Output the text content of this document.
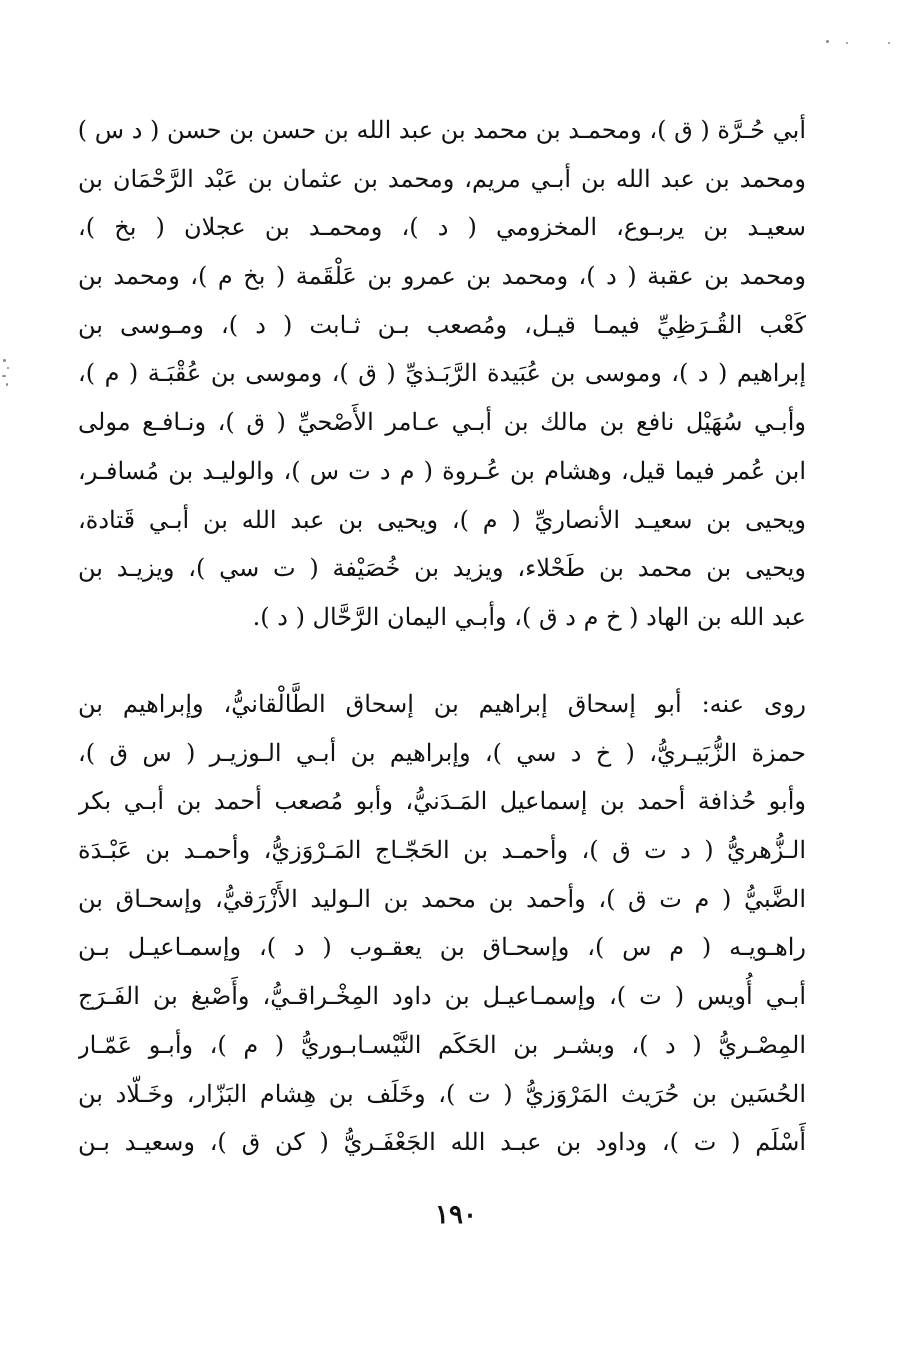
أبي حُـرَّة ( ق )، ومحمـد بن محمد بن عبد الله بن حسن بن حسن ( د س )
ومحمد بن عبد الله بن أبـي مريم، ومحمد بن عثمان بن عَبْد الرَّحْمَان بن
سعيـد بن يربـوع، المخزومي ( د )، ومحمـد بن عجلان ( بخ )،
ومحمد بن عقبة ( د )، ومحمد بن عمرو بن عَلْقَمة ( بخ م )، ومحمد بن
كَعْب القُـرَظِيِّ فيمـا قيـل، ومُصعب بـن ثـابت ( د )، ومـوسى بن
إبراهيم ( د )، وموسى بن عُبَيدة الرَّبَـذيِّ ( ق )، وموسى بن عُقْبَـة ( م )،
وأبـي سُهَيْل نافع بن مالك بن أبـي عـامر الأَصْحيِّ ( ق )، ونـافـع مولى
ابن عُمر فيما قيل، وهشام بن عُـروة ( م د ت س )، والوليـد بن مُسافـر،
ويحيى بن سعيـد الأنصاريِّ ( م )، ويحيى بن عبد الله بن أبـي قَتادة،
ويحيى بن محمد بن طَحْلاء، ويزيد بن خُصَيْفة ( ت سي )، ويزيـد بن
عبد الله بن الهاد ( خ م د ق )، وأبـي اليمان الرَّحَّال ( د ).
روى عنه: أبو إسحاق إبراهيم بن إسحاق الطَّالْقانيُّ، وإبراهيم بن
حمزة الزُّبَيـريُّ، ( خ د سي )، وإبراهيم بن أبـي الـوزيـر ( س ق )،
وأبو حُذافة أحمد بن إسماعيل المَـدَنيُّ، وأبو مُصعب أحمد بن أبـي بكر
الـزُّهريُّ ( د ت ق )، وأحمـد بن الحَجّـاج المَـرْوَزيُّ، وأحمـد بن عَبْـدَة
الضَّبيُّ ( م ت ق )، وأحمد بن محمد بن الـوليد الأَزْرَقيُّ، وإسحـاق بن
راهـويـه ( م س )، وإسحـاق بن يعقـوب ( د )، وإسمـاعيـل بـن
أبـي أُويس ( ت )، وإسمـاعيـل بن داود المِخْـراقـيُّ، وأَصْبغ بن الفَـرَج
المِصْـريُّ ( د )، وبشـر بن الحَكَم النَّيْسـابـوريُّ ( م )، وأبـو عَمّـار
الحُسَين بن حُرَيث المَرْوَزيُّ ( ت )، وخَلَف بن هِشام البَزّار، وخَـلّاد بن
أَسْلَم ( ت )، وداود بن عبـد الله الجَعْفَـريُّ ( كن ق )، وسعيـد بـن
١٩٠
